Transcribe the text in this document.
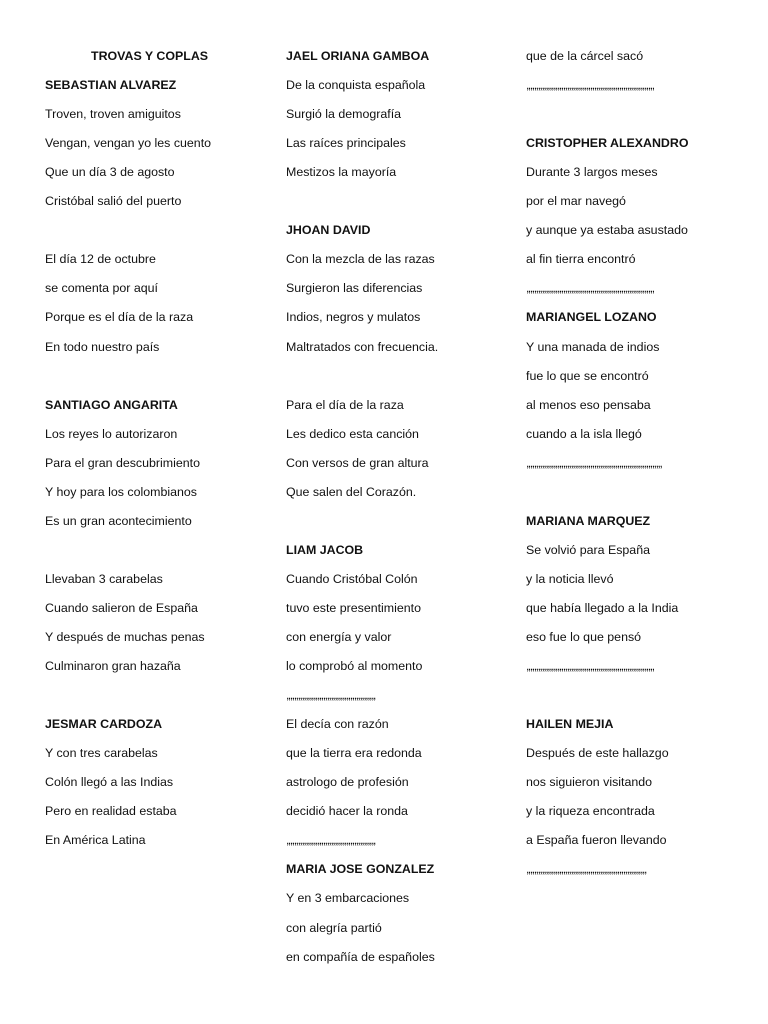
TROVAS Y COPLAS
SEBASTIAN ALVAREZ
Troven, troven amiguitos
Vengan, vengan yo les cuento
Que un día 3 de agosto
Cristóbal salió del puerto
El día 12 de octubre
se comenta por aquí
Porque es el día de la raza
En todo nuestro país
SANTIAGO ANGARITA
Los reyes lo autorizaron
Para el gran descubrimiento
Y hoy para los colombianos
Es un gran acontecimiento
Llevaban 3 carabelas
Cuando salieron de España
Y después de muchas penas
Culminaron gran hazaña
JESMAR CARDOZA
Y con tres carabelas
Colón llegó a las Indias
Pero en realidad estaba
En América Latina
JAEL ORIANA GAMBOA
De la conquista española
Surgió la demografía
Las raíces principales
Mestizos la mayoría
JHOAN DAVID
Con la mezcla de las razas
Surgieron las diferencias
Indios, negros y mulatos
Maltratados con frecuencia.
Para el día de la raza
Les dedico esta canción
Con versos de gran altura
Que salen del Corazón.
LIAM JACOB
Cuando Cristóbal Colón
tuvo este presentimiento
con energía y valor
lo comprobó al momento
,,,,,,,,,,,,,,,,,,,,,,,,,,,,,,,,,,,,,,,,,,,,,,
El decía con razón
que la tierra era redonda
astrologo de profesión
decidió hacer la ronda
,,,,,,,,,,,,,,,,,,,,,,,,,,,,,,,,,,,,,,,,,,,,,,
MARIA JOSE GONZALEZ
Y en 3 embarcaciones
con alegría partió
en compañía de españoles
que de la cárcel sacó
,,,,,,,,,,,,,,,,,,,,,,,,,,,,,,,,,,,,,,,,,,,,,,,,,,,,,,,,,,,,,,,,,,
CRISTOPHER ALEXANDRO
Durante 3 largos meses
por el mar navegó
y aunque ya estaba asustado
al fin tierra encontró
,,,,,,,,,,,,,,,,,,,,,,,,,,,,,,,,,,,,,,,,,,,,,,,,,,,,,,,,,,,,,,,,,,
MARIANGEL LOZANO
Y una manada de indios
fue lo que se encontró
al menos eso pensaba
cuando a la isla llegó
,,,,,,,,,,,,,,,,,,,,,,,,,,,,,,,,,,,,,,,,,,,,,,,,,,,,,,,,,,,,,,,,,,,,,,
MARIANA MARQUEZ
Se volvió para España
y la noticia llevó
que había llegado a la India
eso fue lo que pensó
,,,,,,,,,,,,,,,,,,,,,,,,,,,,,,,,,,,,,,,,,,,,,,,,,,,,,,,,,,,,,,,,,,
HAILEN MEJIA
Después de este hallazgo
nos siguieron visitando
y la riqueza encontrada
a España fueron llevando
,,,,,,,,,,,,,,,,,,,,,,,,,,,,,,,,,,,,,,,,,,,,,,,,,,,,,,,,,,,,,,
